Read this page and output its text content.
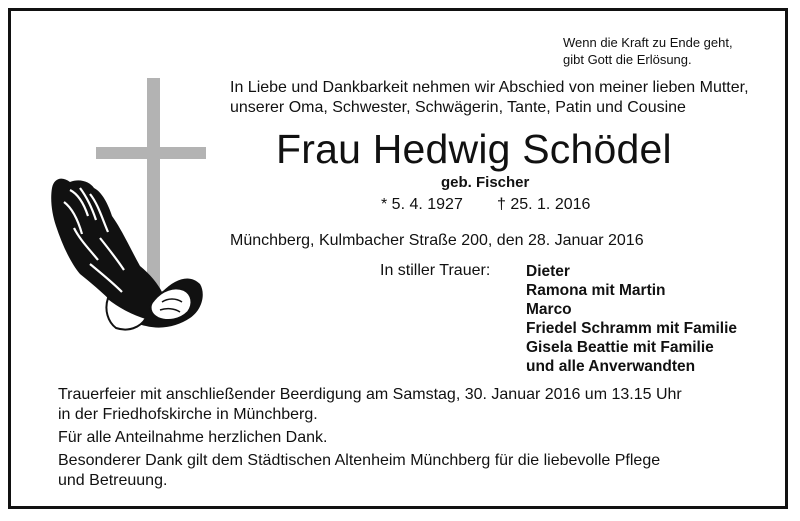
Wenn die Kraft zu Ende geht,
gibt Gott die Erlösung.
In Liebe und Dankbarkeit nehmen wir Abschied von meiner lieben Mutter,
unserer Oma, Schwester, Schwägerin, Tante, Patin und Cousine
Frau Hedwig Schödel
geb. Fischer
* 5. 4. 1927 † 25. 1. 2016
Münchberg, Kulmbacher Straße 200, den 28. Januar 2016
In stiller Trauer: Dieter
Ramona mit Martin
Marco
Friedel Schramm mit Familie
Gisela Beattie mit Familie
und alle Anverwandten
Trauerfeier mit anschließender Beerdigung am Samstag, 30. Januar 2016 um 13.15 Uhr
in der Friedhofskirche in Münchberg.
Für alle Anteilnahme herzlichen Dank.
Besonderer Dank gilt dem Städtischen Altenheim Münchberg für die liebevolle Pflege
und Betreuung.
